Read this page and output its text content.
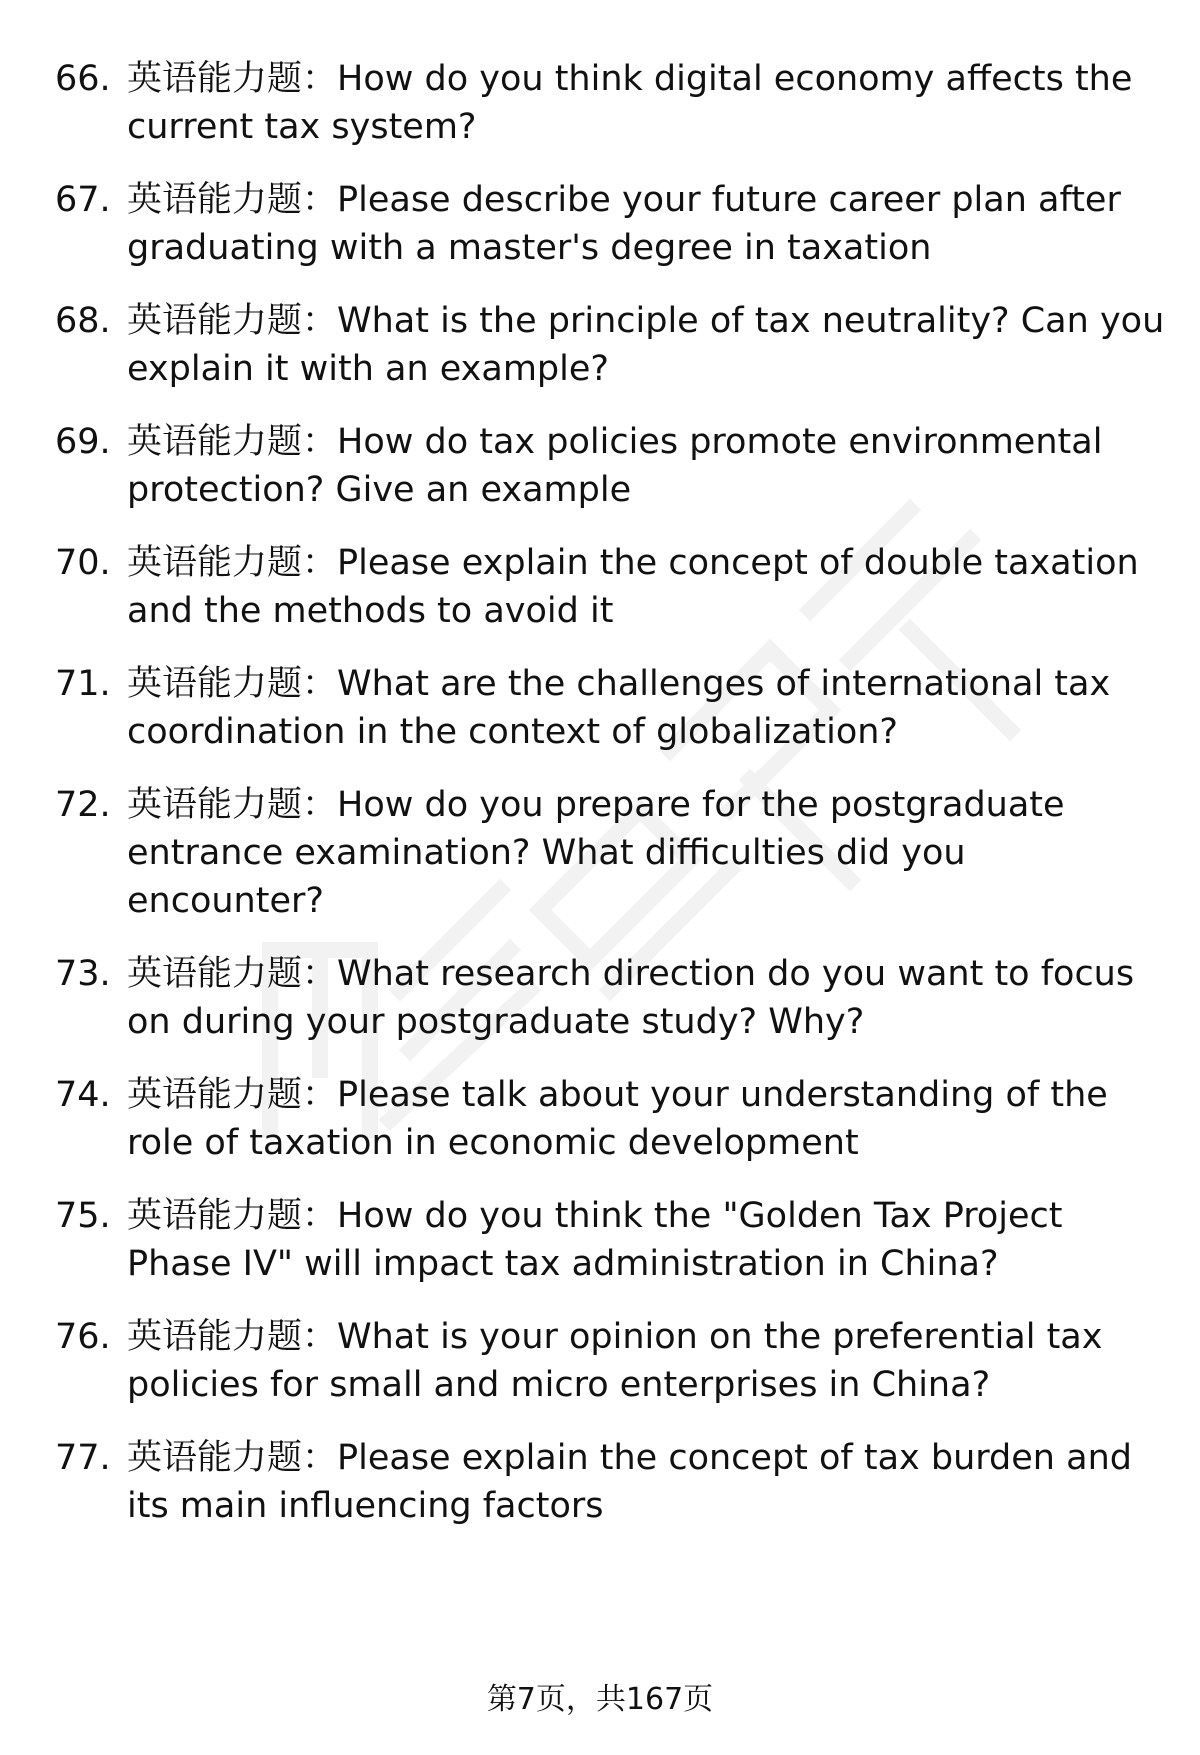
66. 英语能力题：How do you think digital economy affects the current tax system?
67. 英语能力题：Please describe your future career plan after graduating with a master's degree in taxation
68. 英语能力题：What is the principle of tax neutrality? Can you explain it with an example?
69. 英语能力题：How do tax policies promote environmental protection? Give an example
70. 英语能力题：Please explain the concept of double taxation and the methods to avoid it
71. 英语能力题：What are the challenges of international tax coordination in the context of globalization?
72. 英语能力题：How do you prepare for the postgraduate entrance examination? What difficulties did you encounter?
73. 英语能力题：What research direction do you want to focus on during your postgraduate study? Why?
74. 英语能力题：Please talk about your understanding of the role of taxation in economic development
75. 英语能力题：How do you think the "Golden Tax Project Phase IV" will impact tax administration in China?
76. 英语能力题：What is your opinion on the preferential tax policies for small and micro enterprises in China?
77. 英语能力题：Please explain the concept of tax burden and its main influencing factors
第7页，共167页
